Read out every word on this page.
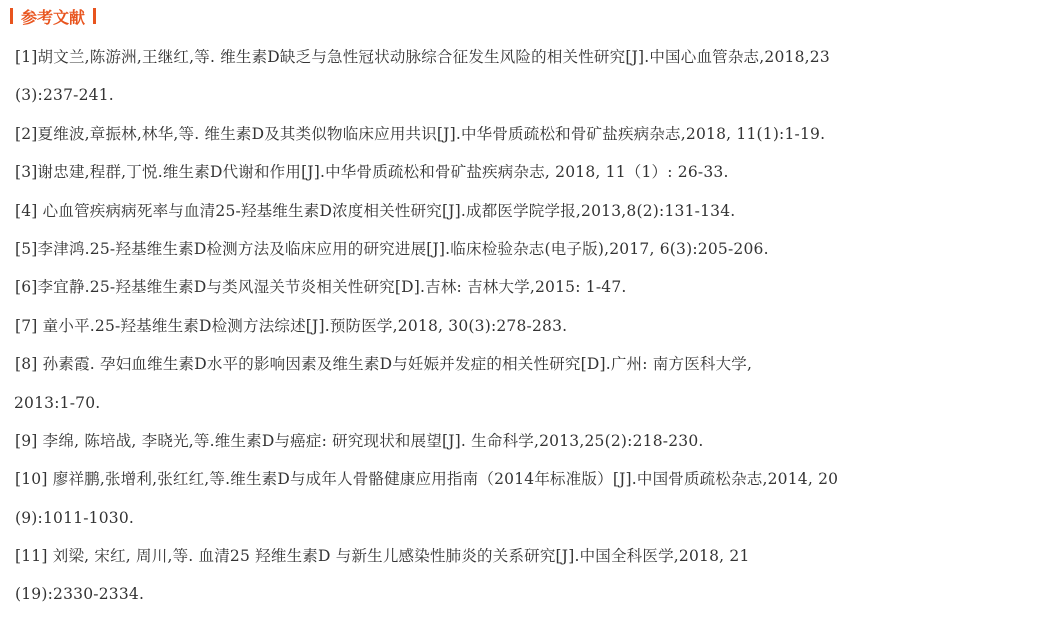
参考文献
[1]胡文兰,陈游洲,王继红,等. 维生素D缺乏与急性冠状动脉综合征发生风险的相关性研究[J].中国心血管杂志,2018,23
(3):237-241.
[2]夏维波,章振林,林华,等. 维生素D及其类似物临床应用共识[J].中华骨质疏松和骨矿盐疾病杂志,2018, 11(1):1-19.
[3]谢忠建,程群,丁悦.维生素D代谢和作用[J].中华骨质疏松和骨矿盐疾病杂志, 2018, 11（1）: 26-33.
[4] 心血管疾病病死率与血清25-羟基维生素D浓度相关性研究[J].成都医学院学报,2013,8(2):131-134.
[5]李津鸿.25-羟基维生素D检测方法及临床应用的研究进展[J].临床检验杂志(电子版),2017, 6(3):205-206.
[6]李宜静.25-羟基维生素D与类风湿关节炎相关性研究[D].吉林: 吉林大学,2015: 1-47.
[7] 童小平.25-羟基维生素D检测方法综述[J].预防医学,2018, 30(3):278-283.
[8] 孙素霞. 孕妇血维生素D水平的影响因素及维生素D与妊娠并发症的相关性研究[D].广州: 南方医科大学,
2013:1-70.
[9] 李绵, 陈培战, 李晓光,等.维生素D与癌症: 研究现状和展望[J]. 生命科学,2013,25(2):218-230.
[10] 廖祥鹏,张增利,张红红,等.维生素D与成年人骨骼健康应用指南（2014年标准版）[J].中国骨质疏松杂志,2014, 20
(9):1011-1030.
[11] 刘梁, 宋红, 周川,等. 血清25 羟维生素D 与新生儿感染性肺炎的关系研究[J].中国全科医学,2018, 21
(19):2330-2334.
